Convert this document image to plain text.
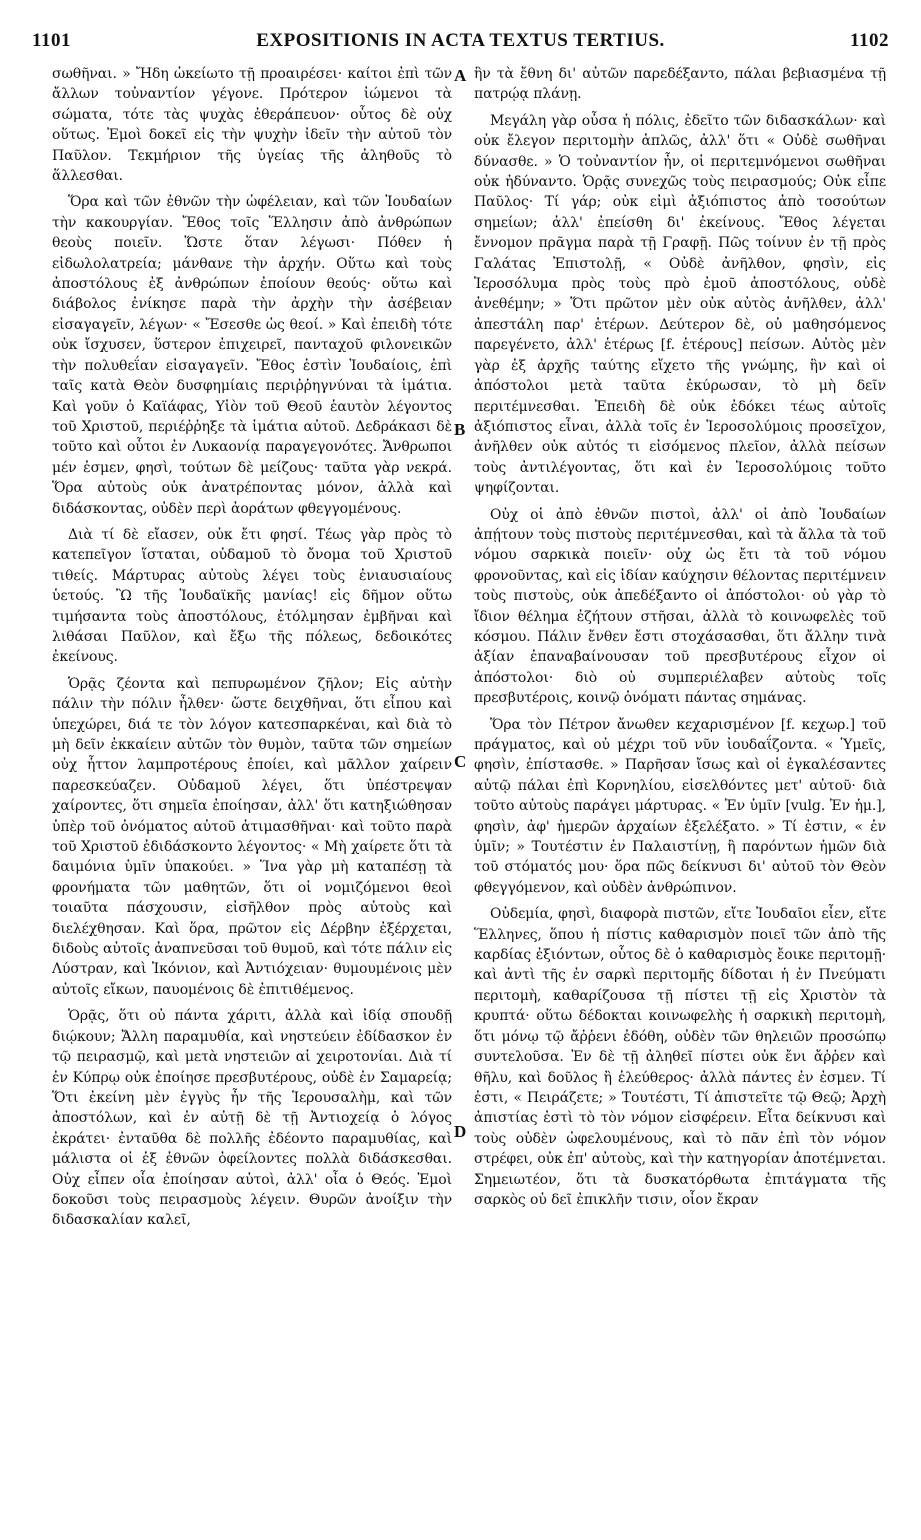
EXPOSITIONIS IN ACTA TEXTUS TERTIUS.
1101	1102

σωθῆναι. » Ἤδη ὡκείωτο τῇ προαιρέσει· καίτοι ἐπὶ τῶν ἄλλων τοὐναντίον γέγονε. Πρότερον ἰώμενοι τὰ σώματα, τότε τὰς ψυχὰς ἐθεράπευον· οὗτος δὲ οὐχ οὕτως. Ἐμοὶ δοκεῖ εἰς τὴν ψυχὴν ἰδεῖν τὴν αὐτοῦ τὸν Παῦλον. Τεκμήριον τῆς ὑγείας τῆς ἀληθοῦς τὸ ἅλλεσθαι.

Ὅρα καὶ τῶν ἐθνῶν τὴν ὠφέλειαν, καὶ τῶν Ἰουδαίων τὴν κακουργίαν. Ἔθος τοῖς Ἕλλησιν ἀπὸ ἀνθρώπων θεοὺς ποιεῖν. Ὥστε ὅταν λέγωσι· Πόθεν ἡ εἰδωλολατρεία; μάνθανε τὴν ἀρχήν. Οὕτω καὶ τοὺς ἀποστόλους ἐξ ἀνθρώπων ἐποίουν θεούς· οὕτω καὶ διάβολος ἐνίκησε παρὰ τὴν ἀρχὴν τὴν ἀσέβειαν εἰσαγαγεῖν, λέγων· « Ἔσεσθε ὡς θεοί. » Καὶ ἐπειδὴ τότε οὐκ ἴσχυσεν, ὕστερον ἐπιχειρεῖ, πανταχοῦ φιλονεικῶν τὴν πολυθεΐαν εἰσαγαγεῖν. Ἔθος ἐστὶν Ἰουδαίοις, ἐπὶ ταῖς κατὰ Θεὸν δυσφημίαις περιῤῥηγνύναι τὰ ἱμάτια. Καὶ γοῦν ὁ Καϊάφας, Υἱὸν τοῦ Θεοῦ ἑαυτὸν λέγοντος τοῦ Χριστοῦ, περιέῤῥηξε τὰ ἱμάτια αὐτοῦ. Δεδράκασι δὲ τοῦτο καὶ οὗτοι ἐν Λυκαονίᾳ παραγεγονότες. Ἄνθρωποι μέν ἐσμεν, φησὶ, τούτων δὲ μείζους· ταῦτα γὰρ νεκρά. Ὅρα αὐτοὺς οὐκ ἀνατρέποντας μόνον, ἀλλὰ καὶ διδάσκοντας, οὐδὲν περὶ ἀοράτων φθεγγομένους.

Διὰ τί δὲ εἴασεν, οὐκ ἔτι φησί. Τέως γὰρ πρὸς τὸ κατεπεῖγον ἵσταται, οὐδαμοῦ τὸ ὄνομα τοῦ Χριστοῦ τιθείς. Μάρτυρας αὐτοὺς λέγει τοὺς ἐνιαυσιαίους ὑετούς. Ὢ τῆς Ἰουδαϊκῆς μανίας! εἰς δῆμον οὕτω τιμήσαντα τοὺς ἀποστόλους, ἐτόλμησαν ἐμβῆναι καὶ λιθάσαι Παῦλον, καὶ ἔξω τῆς πόλεως, δεδοικότες ἐκείνους.

Ὁρᾷς ζέοντα καὶ πεπυρωμένον ζῆλον; Εἰς αὐτὴν πάλιν τὴν πόλιν ἦλθεν· ὥστε δειχθῆναι, ὅτι εἶπου καὶ ὑπεχώρει, διά τε τὸν λόγον κατεσπαρκέναι, καὶ διὰ τὸ μὴ δεῖν ἐκκαίειν αὐτῶν τὸν θυμὸν, ταῦτα τῶν σημείων οὐχ ἧττον λαμπροτέρους ἐποίει, καὶ μᾶλλον χαίρειν παρεσκεύαζεν. Οὐδαμοῦ λέγει, ὅτι ὑπέστρεψαν χαίροντες, ὅτι σημεῖα ἐποίησαν, ἀλλ' ὅτι κατηξιώθησαν ὑπὲρ τοῦ ὀνόματος αὐτοῦ ἀτιμασθῆναι· καὶ τοῦτο παρὰ τοῦ Χριστοῦ ἐδιδάσκοντο λέγοντος· « Μὴ χαίρετε ὅτι τὰ δαιμόνια ὑμῖν ὑπακούει. » Ἵνα γὰρ μὴ καταπέσῃ τὰ φρονήματα τῶν μαθητῶν, ὅτι οἱ νομιζόμενοι θεοὶ τοιαῦτα πάσχουσιν, εἰσῆλθον πρὸς αὐτοὺς καὶ διελέχθησαν. Καὶ ὅρα, πρῶτον εἰς Δέρβην ἐξέρχεται, διδοὺς αὐτοῖς ἀναπνεῦσαι τοῦ θυμοῦ, καὶ τότε πάλιν εἰς Λύστραν, καὶ Ἰκόνιον, καὶ Ἀντιόχειαν· θυμουμένοις μὲν αὐτοῖς εἴκων, παυομένοις δὲ ἐπιτιθέμενος.

Ὁρᾷς, ὅτι οὐ πάντα χάριτι, ἀλλὰ καὶ ἰδίᾳ σπουδῇ διῴκουν; Ἄλλη παραμυθία, καὶ νηστεύειν ἐδίδασκον ἐν τῷ πειρασμῷ, καὶ μετὰ νηστειῶν αἱ χειροτονίαι. Διὰ τί ἐν Κύπρῳ οὐκ ἐποίησε πρεσβυτέρους, οὐδὲ ἐν Σαμαρείᾳ; Ὅτι ἐκείνη μὲν ἐγγὺς ἦν τῆς Ἱερουσαλὴμ, καὶ τῶν ἀποστόλων, καὶ ἐν αὐτῇ δὲ τῇ Ἀντιοχείᾳ ὁ λόγος ἐκράτει· ἐνταῦθα δὲ πολλῆς ἐδέοντο παραμυθίας, καὶ μάλιστα οἱ ἐξ ἐθνῶν ὀφείλοντες πολλὰ διδάσκεσθαι. Οὐχ εἶπεν οἷα ἐποίησαν αὐτοὶ, ἀλλ' οἷα ὁ Θεός. Ἐμοὶ δοκοῦσι τοὺς πειρασμοὺς λέγειν. Θυρῶν ἀνοίξιν τὴν διδασκαλίαν καλεῖ,

A
B
C
D

ἣν τὰ ἔθνη δι' αὐτῶν παρεδέξαντο, πάλαι βεβιασμένα τῇ πατρῴᾳ πλάνῃ.

Μεγάλη γὰρ οὖσα ἡ πόλις, ἐδεῖτο τῶν διδασκάλων· καὶ οὐκ ἔλεγον περιτομὴν ἁπλῶς, ἀλλ' ὅτι « Οὐδὲ σωθῆναι δύνασθε. » Ὁ τοὐναντίον ἦν, οἱ περιτεμνόμενοι σωθῆναι οὐκ ἠδύναντο. Ὁρᾷς συνεχῶς τοὺς πειρασμούς; Οὐκ εἶπε Παῦλος· Τί γάρ; οὐκ εἰμὶ ἀξιόπιστος ἀπὸ τοσούτων σημείων; ἀλλ' ἐπείσθη δι' ἐκείνους. Ἔθος λέγεται ἔννομον πρᾶγμα παρὰ τῇ Γραφῇ. Πῶς τοίνυν ἐν τῇ πρὸς Γαλάτας Ἐπιστολῇ, « Οὐδὲ ἀνῆλθον, φησὶν, εἰς Ἱεροσόλυμα πρὸς τοὺς πρὸ ἐμοῦ ἀποστόλους, οὐδὲ ἀνεθέμην; » Ὅτι πρῶτον μὲν οὐκ αὐτὸς ἀνῆλθεν, ἀλλ' ἀπεστάλη παρ' ἑτέρων. Δεύτερον δὲ, οὐ μαθησόμενος παρεγένετο, ἀλλ' ἑτέρως [f. ἑτέρους] πείσων. Αὐτὸς μὲν γὰρ ἐξ ἀρχῆς ταύτης εἴχετο τῆς γνώμης, ἣν καὶ οἱ ἀπόστολοι μετὰ ταῦτα ἐκύρωσαν, τὸ μὴ δεῖν περιτέμνεσθαι. Ἐπειδὴ δὲ οὐκ ἐδόκει τέως αὐτοῖς ἀξιόπιστος εἶναι, ἀλλὰ τοῖς ἐν Ἱεροσολύμοις προσεῖχον, ἀνῆλθεν οὐκ αὐτός τι εἰσόμενος πλεῖον, ἀλλὰ πείσων τοὺς ἀντιλέγοντας, ὅτι καὶ ἐν Ἱεροσολύμοις τοῦτο ψηφίζονται.

Οὐχ οἱ ἀπὸ ἐθνῶν πιστοὶ, ἀλλ' οἱ ἀπὸ Ἰουδαίων ἀπῄτουν τοὺς πιστοὺς περιτέμνεσθαι, καὶ τὰ ἄλλα τὰ τοῦ νόμου σαρκικὰ ποιεῖν· οὐχ ὡς ἔτι τὰ τοῦ νόμου φρονοῦντας, καὶ εἰς ἰδίαν καύχησιν θέλοντας περιτέμνειν τοὺς πιστοὺς, οὐκ ἀπεδέξαντο οἱ ἀπόστολοι· οὐ γὰρ τὸ ἴδιον θέλημα ἐζήτουν στῆσαι, ἀλλὰ τὸ κοινωφελὲς τοῦ κόσμου. Πάλιν ἔνθεν ἔστι στοχάσασθαι, ὅτι ἄλλην τινὰ ἀξίαν ἐπαναβαίνουσαν τοῦ πρεσβυτέρους εἶχον οἱ ἀπόστολοι· διὸ οὐ συμπεριέλαβεν αὐτοὺς τοῖς πρεσβυτέροις, κοινῷ ὀνόματι πάντας σημάνας.

Ὅρα τὸν Πέτρον ἄνωθεν κεχαρισμένον [f. κεχωρ.] τοῦ πράγματος, καὶ οὐ μέχρι τοῦ νῦν ἰουδαΐζοντα. « Ὑμεῖς, φησὶν, ἐπίστασθε. » Παρῆσαν ἴσως καὶ οἱ ἐγκαλέσαντες αὐτῷ πάλαι ἐπὶ Κορνηλίου, εἰσελθόντες μετ' αὐτοῦ· διὰ τοῦτο αὐτοὺς παράγει μάρτυρας. « Ἐν ὑμῖν [vulg. Ἐν ἡμ.], φησὶν, ἀφ' ἡμερῶν ἀρχαίων ἐξελέξατο. » Τί ἐστιν, « ἐν ὑμῖν; » Τουτέστιν ἐν Παλαιστίνῃ, ἢ παρόντων ἡμῶν διὰ τοῦ στόματός μου· ὅρα πῶς δείκνυσι δι' αὐτοῦ τὸν Θεὸν φθεγγόμενον, καὶ οὐδὲν ἀνθρώπινον.

Οὐδεμία, φησὶ, διαφορὰ πιστῶν, εἴτε Ἰουδαῖοι εἶεν, εἴτε Ἕλληνες, ὅπου ἡ πίστις καθαρισμὸν ποιεῖ τῶν ἀπὸ τῆς καρδίας ἐξιόντων, οὗτος δὲ ὁ καθαρισμὸς ἔοικε περιτομῇ· καὶ ἀντὶ τῆς ἐν σαρκὶ περιτομῆς δίδοται ἡ ἐν Πνεύματι περιτομὴ, καθαρίζουσα τῇ πίστει τῇ εἰς Χριστὸν τὰ κρυπτά· οὕτω δέδοκται κοινωφελὴς ἡ σαρκικὴ περιτομὴ, ὅτι μόνῳ τῷ ἄῤῥενι ἐδόθη, οὐδὲν τῶν θηλειῶν προσώπῳ συντελοῦσα. Ἐν δὲ τῇ ἀληθεῖ πίστει οὐκ ἔνι ἄῤῥεν καὶ θῆλυ, καὶ δοῦλος ἢ ἐλεύθερος· ἀλλὰ πάντες ἐν ἐσμεν. Τί ἐστι, « Πειράζετε; » Τουτέστι, Τί ἀπιστεῖτε τῷ Θεῷ; Ἀρχὴ ἀπιστίας ἐστὶ τὸ τὸν νόμον εἰσφέρειν. Εἶτα δείκνυσι καὶ τοὺς οὐδὲν ὠφελουμένους, καὶ τὸ πᾶν ἐπὶ τὸν νόμον στρέφει, οὐκ ἐπ' αὐτοὺς, καὶ τὴν κατηγορίαν ἀποτέμνεται. Σημειωτέον, ὅτι τὰ δυσκατόρθωτα ἐπιτάγματα τῆς σαρκὸς οὐ δεῖ ἐπικλῆν τισιν, οἷον ἔκραν
